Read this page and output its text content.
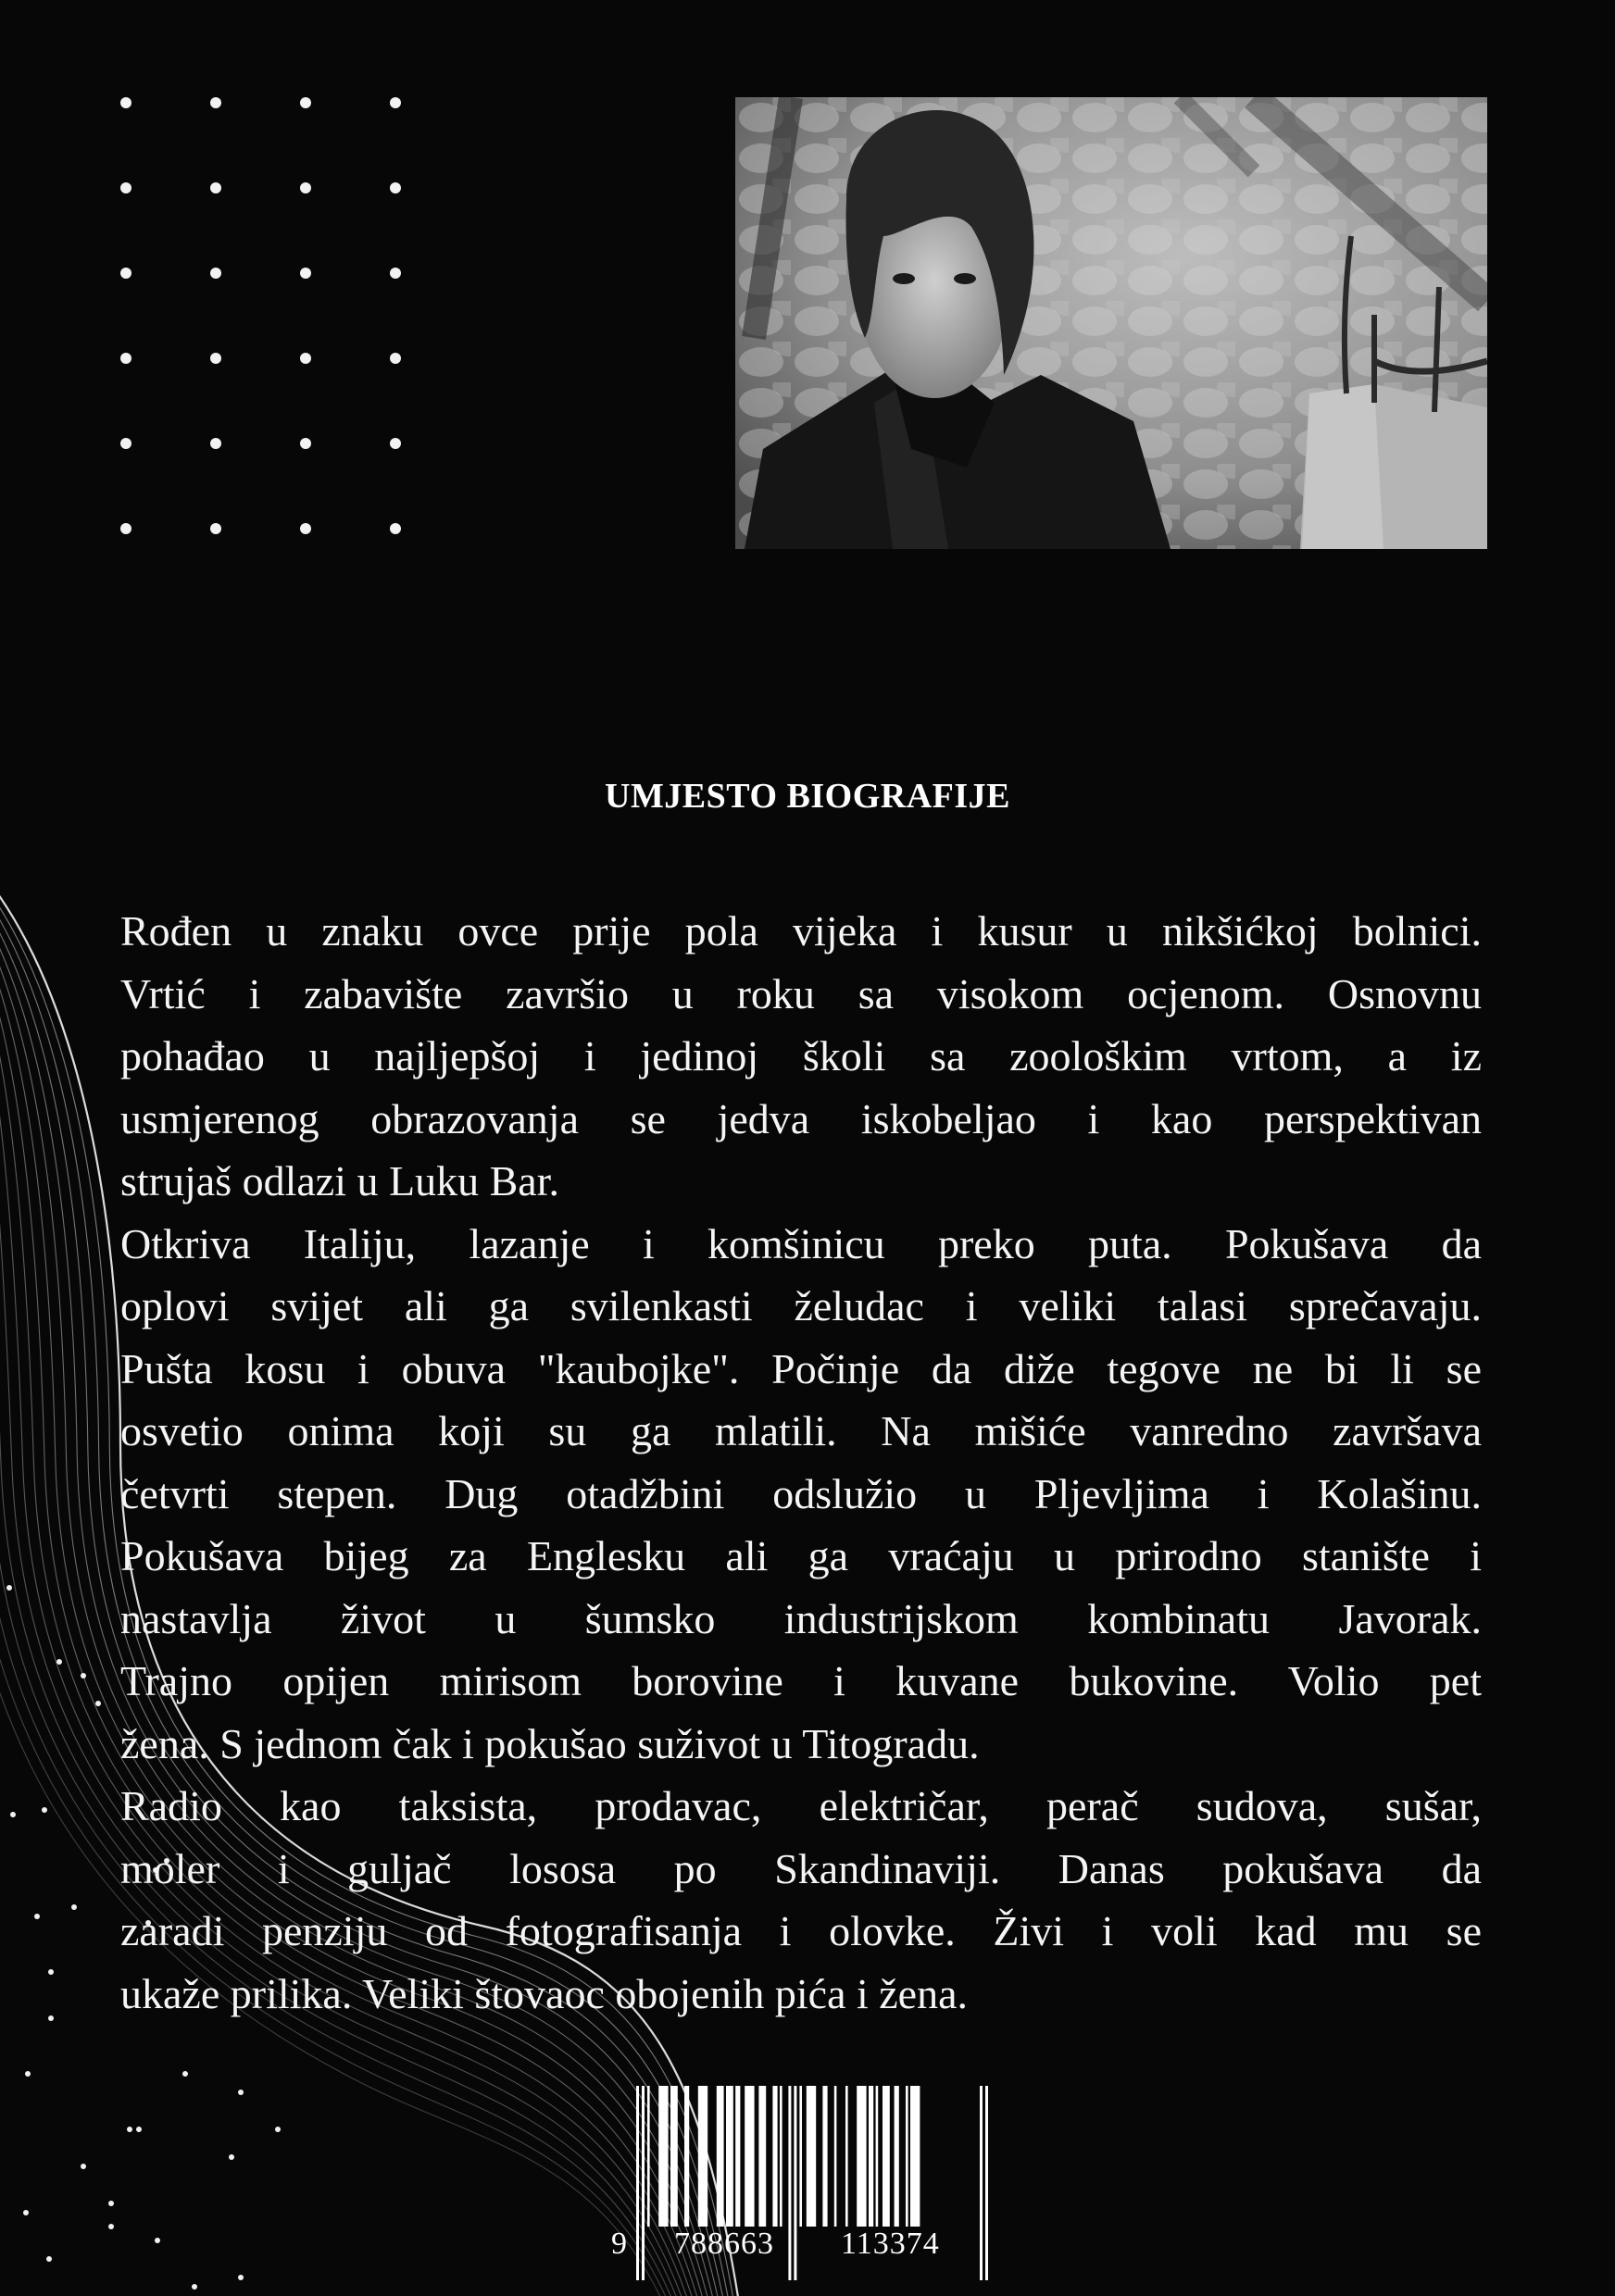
UMJESTO BIOGRAFIJE
Rođen u znaku ovce prije pola vijeka i kusur u nikšićkoj bolnici.
Vrtić i zabavište završio u roku sa visokom ocjenom. Osnovnu
pohađao u najljepšoj i jedinoj školi sa zoološkim vrtom, a iz
usmjerenog obrazovanja se jedva iskobeljao i kao perspektivan
strujaš odlazi u Luku Bar.
Otkriva Italiju, lazanje i komšinicu preko puta. Pokušava da
oplovi svijet ali ga svilenkasti želudac i veliki talasi sprečavaju.
Pušta kosu i obuva "kaubojke". Počinje da diže tegove ne bi li se
osvetio onima koji su ga mlatili. Na mišiće vanredno završava
četvrti stepen. Dug otadžbini odslužio u Pljevljima i Kolašinu.
Pokušava bijeg za Englesku ali ga vraćaju u prirodno stanište i
nastavlja život u šumsko industrijskom kombinatu Javorak.
Trajno opijen mirisom borovine i kuvane bukovine. Volio pet
žena. S jednom čak i pokušao suživot u Titogradu.
Radio kao taksista, prodavac, električar, perač sudova, sušar,
moler i guljač lososa po Skandinaviji. Danas pokušava da
zaradi penziju od fotografisanja i olovke. Živi i voli kad mu se
ukaže prilika. Veliki štovaoc obojenih pića i žena.
9 788663 113374
